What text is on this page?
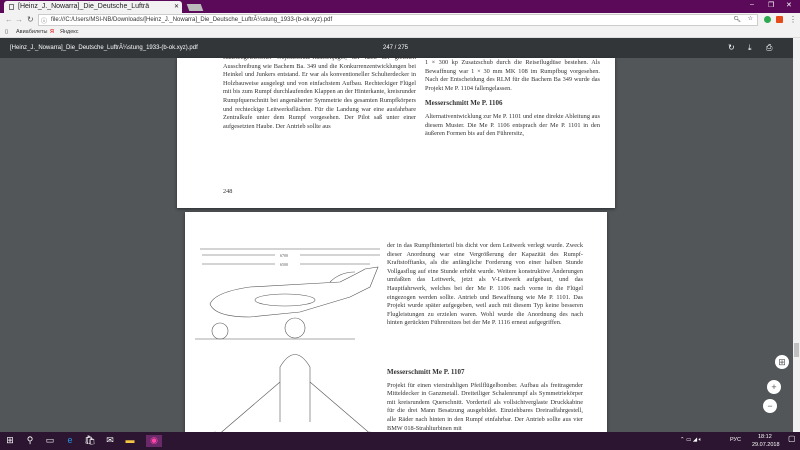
[Heinz_J._Nowarra]_Die_Deutsche_Lufträ	✕	– ❐ ✕
← → ↻ ⓘ file:///C:/Users/MSI-NB/Downloads/[Heinz_J._Nowarra]_Die_Deutsche_LuftrÃ¼stung_1933-(b-ok.xyz).pdf	🔍︎ ☆	⋮
▯ Авиабилеты Я Яндекс
[Heinz_J._Nowarra]_Die_Deutsche_LuftrÃ¼stung_1933-(b-ok.xyz).pdf	247 / 275	↻ ⤓ ⎙
Raketengetriebener Objektschutz-Raketenjäger, der nach der gleichen Ausschreibung wie Bachem Ba. 349 und die Konkurrenzentwicklungen bei Heinkel und Junkers entstand. Er war als konventioneller Schulterdecker in Holzbauweise ausgelegt und von einfachstem Aufbau. Rechteckiger Flügel mit bis zum Rumpf durchlaufenden Klappen an der Hinterkante, kreisrunder Rumpfquerschnitt bei angenäherter Symmetrie des gesamten Rumpfkörpers und rechteckige Leitwerksflächen. Für die Landung war eine ausfahrbare Zentralkufe unter dem Rumpf vorgesehen. Der Pilot saß unter einer aufgesetzten Haube. Der Antrieb sollte aus
248
1 × 300 kp Zusatzschub durch die Reiseflugdüse bestehen. Als Bewaffnung war 1 × 30 mm MK 108 im Rumpfbug vorgesehen. Nach der Entscheidung des RLM für die Bachem Ba 349 wurde das Projekt Me P. 1104 fallengelassen.
Messerschmitt Me P. 1106
Alternativentwicklung zur Me P. 1101 und eine direkte Ableitung aus diesem Muster. Die Me P. 1106 entsprach der Me P. 1101 in den äußeren Formen bis auf den Führersitz,
6700
6500
der in das Rumpfhinterteil bis dicht vor dem Leitwerk verlegt wurde. Zweck dieser Anordnung war eine Vergrößerung der Kapazität des Rumpf-Kraftstofftanks, als die anfängliche Forderung von einer halben Stunde Vollgasflug auf eine Stunde erhöht wurde. Weitere konstruktive Änderungen umfaßten das Leitwerk, jetzt als V-Leitwerk aufgebaut, und das Hauptfahrwerk, welches bei der Me P. 1106 nach vorne in die Flügel eingezogen werden sollte. Antrieb und Bewaffnung wie Me P. 1101. Das Projekt wurde später aufgegeben, weil auch mit diesem Typ keine besseren Flugleistungen zu erzielen waren. Wohl wurde die Anordnung des nach hinten gerückten Führersitzes bei der Me P. 1116 erneut aufgegriffen.
Messerschmitt Me P. 1107
Projekt für einen vierstrahligen Pfeilflügelbomber. Aufbau als freitragender Mitteldecker in Ganzmetall. Dreiteiliger Schalenrumpf als Symmetriekörper mit kreisrundem Querschnitt. Vorderteil als vollsichtverglaste Druckkabine für die drei Mann Besatzung ausgebildet. Einziehbares Dreiradfahrgestell, alle Räder nach hinten in den Rumpf einfahrbar. Der Antrieb sollte aus vier BMW 018-Strahlturbinen mit
⊞
+
−
⊞	⚲	▭	e	🛍︎ ✉ ▬	◉	⌃ ▭ ◢ 🔈︎	РУС	18:12
29.07.2018
▢
